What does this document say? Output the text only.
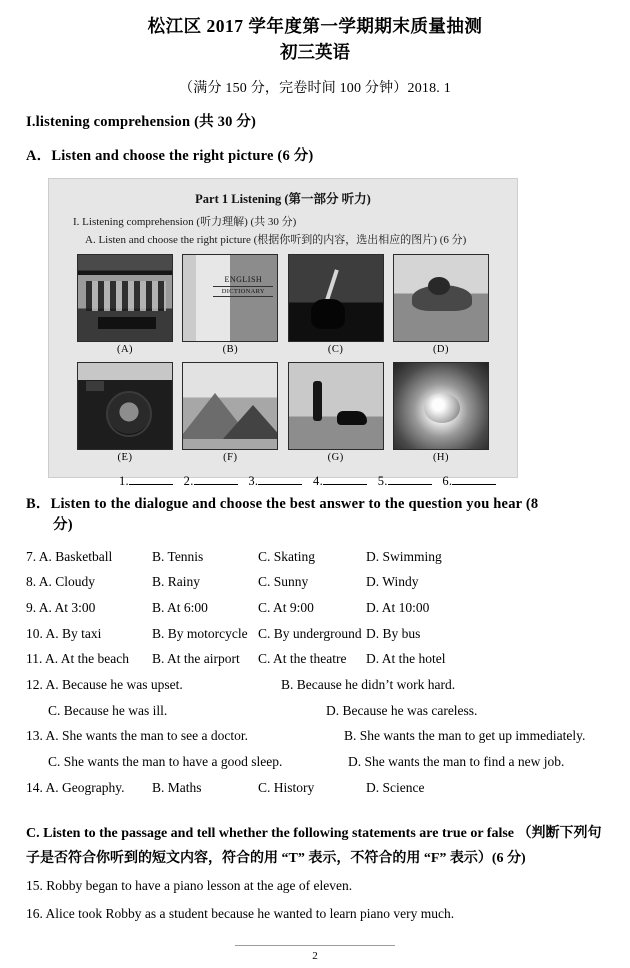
松江区 2017 学年度第一学期期末质量抽测
初三英语
（满分 150 分，完卷时间 100 分钟）2018. 1
I.listening comprehension (共 30 分)
A．Listen and choose the right picture (6 分)
Part 1 Listening (第一部分 听力)
I. Listening comprehension (听力理解) (共 30 分)
A. Listen and choose the right picture (根据你听到的内容，选出相应的图片) (6 分)
(A)
ENGLISH DICTIONARY	(B)	(C)	(D)
(E)	(F)	(G)	(H)
1.	2.	3.	4.	5.	6.
B．Listen to the dialogue and choose the best answer to the question you hear (8
分)
7. A. Basketball	B. Tennis	C. Skating	D. Swimming
8. A. Cloudy	B. Rainy	C. Sunny	D. Windy
9. A. At 3:00	B. At 6:00	C. At 9:00	D. At 10:00
10. A. By taxi	B. By motorcycle C. By underground D. By bus
11. A. At the beach	B. At the airport	C. At the theatre	D. At the hotel
12. A. Because he was upset.	B. Because he didn’t work hard.
C. Because he was ill.	D. Because he was careless.
13. A. She wants the man to see a doctor.	B. She wants the man to get up immediately.
C. She wants the man to have a good sleep.	D. She wants the man to find a new job.
14. A. Geography.	B. Maths	C. History	D. Science
C. Listen to the passage and tell whether the following statements are true or false （判断下列句子是否符合你听到的短文内容，符合的用 “T” 表示，不符合的用 “F” 表示）(6 分)
15. Robby began to have a piano lesson at the age of eleven.
16. Alice took Robby as a student because he wanted to learn piano very much.
2
